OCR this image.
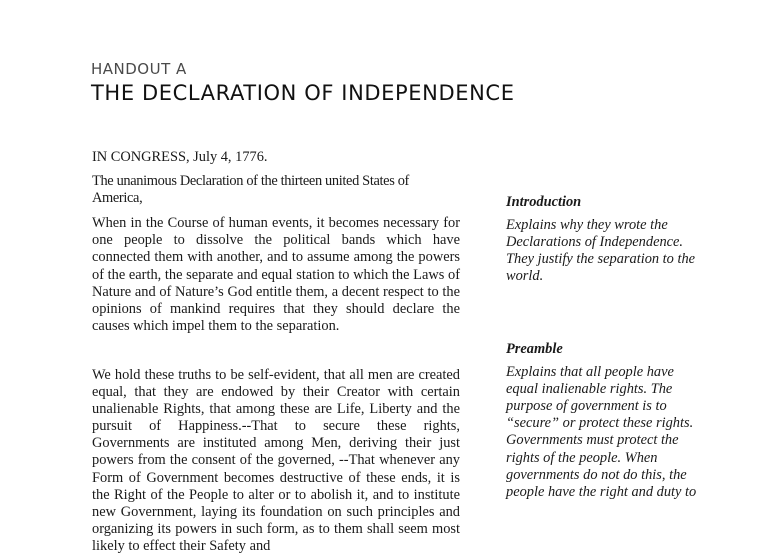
HANDOUT A
THE DECLARATION OF INDEPENDENCE

IN CONGRESS, July 4, 1776.

The unanimous Declaration of the thirteen united States of America,

When in the Course of human events, it becomes necessary for one people to dissolve the political bands which have connected them with another, and to assume among the powers of the earth, the separate and equal station to which the Laws of Nature and of Nature’s God entitle them, a decent respect to the opinions of mankind requires that they should declare the causes which impel them to the separation.

We hold these truths to be self-evident, that all men are created equal, that they are endowed by their Creator with certain unalienable Rights, that among these are Life, Liberty and the pursuit of Happiness.--That to secure these rights, Governments are instituted among Men, deriving their just powers from the consent of the governed, --That whenever any Form of Government becomes destructive of these ends, it is the Right of the People to alter or to abolish it, and to institute new Government, laying its foundation on such principles and organizing its powers in such form, as to them shall seem most likely to effect their Safety and

Introduction

Explains why they wrote the Declarations of Independence. They justify the separation to the world.

Preamble

Explains that all people have equal inalienable rights. The purpose of government is to “secure” or protect these rights. Governments must protect the rights of the people. When governments do not do this, the people have the right and duty to
